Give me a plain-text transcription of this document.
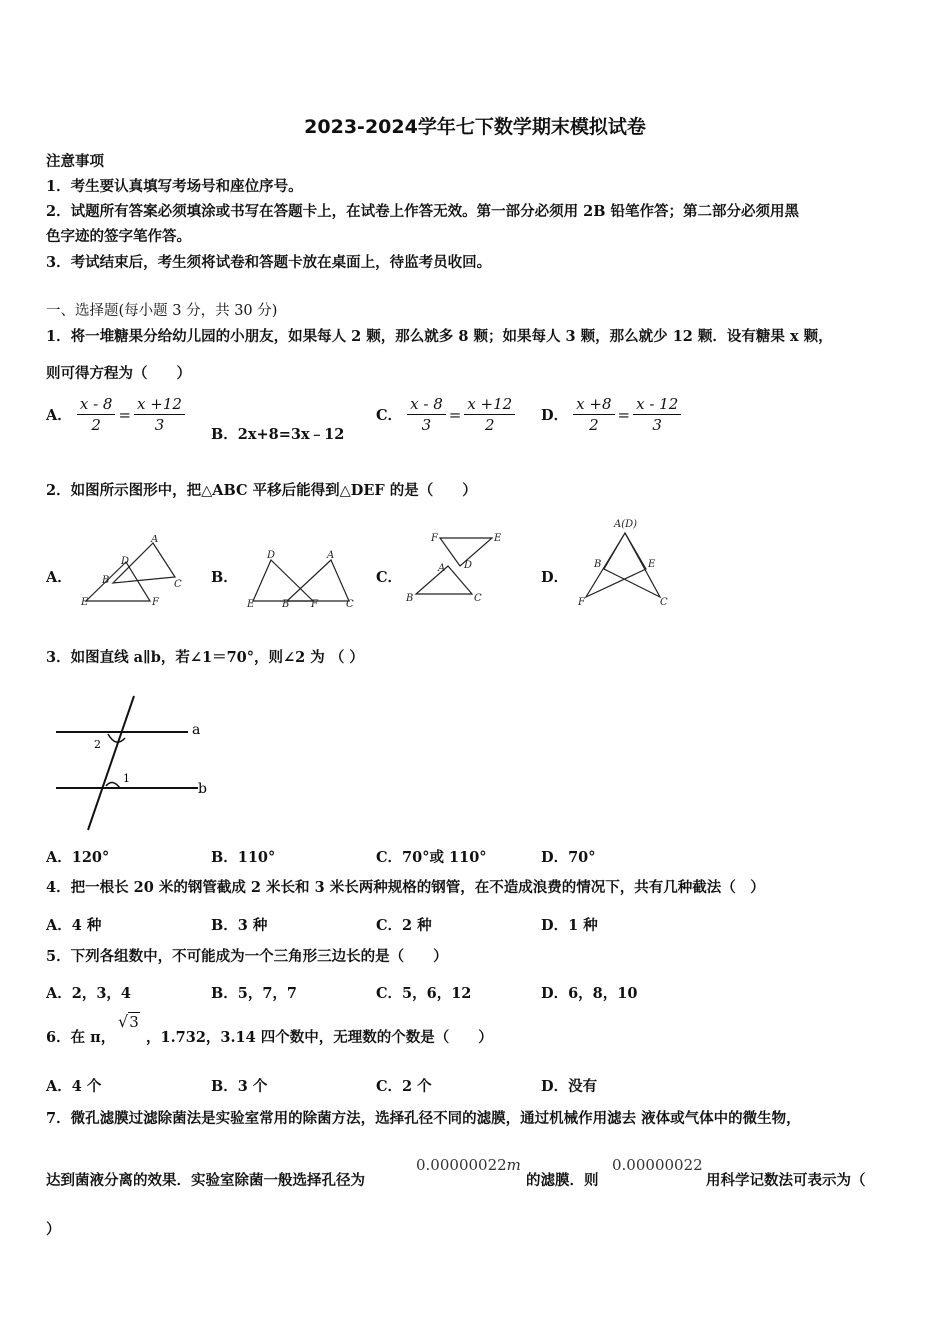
2023-2024学年七下数学期末模拟试卷
注意事项
1．考生要认真填写考场号和座位序号。
2．试题所有答案必须填涂或书写在答题卡上，在试卷上作答无效。第一部分必须用 2B 铅笔作答；第二部分必须用黑
色字迹的签字笔作答。
3．考试结束后，考生须将试卷和答题卡放在桌面上，待监考员收回。
一、选择题(每小题 3 分，共 30 分)
1．将一堆糖果分给幼儿园的小朋友，如果每人 2 颗，那么就多 8 颗；如果每人 3 颗，那么就少 12 颗．设有糖果 x 颗，
则可得方程为（　　）
A． $\frac{x - 8}{2} = \frac{x +12}{3}$
B．2x+8=3x﹣12
C． $\frac{x - 8}{3} = \frac{x +12}{2}$ D． $\frac{x +8}{2} = \frac{x - 12}{3}$
2．如图所示图形中，把△ABC 平移后能得到△DEF 的是（　　）
A．
A
B	C
D
E	F
B．
D	A
E	B F	C
C．
F	E
A D
B	C
D．
A(D)
B	E
F	C
3．如图直线 a∥b，若∠1＝70°，则∠2 为 （ ）
a
b
2
1
A．120°	B．110°	C．70°或 110°	D．70°
4．把一根长 20 米的钢管截成 2 米长和 3 米长两种规格的钢管，在不造成浪费的情况下，共有几种截法（　）
A．4 种	B．3 种	C．2 种	D．1 种
5．下列各组数中，不可能成为一个三角形三边长的是（　　）
A．2，3，4	B．5，7，7	C．5，6，12	D．6，8，10
6．在 π，
√3
，1.732，3.14 四个数中，无理数的个数是（　　）
A．4 个	B．3 个	C．2 个	D．没有
7．微孔滤膜过滤除菌法是实验室常用的除菌方法，选择孔径不同的滤膜，通过机械作用滤去 液体或气体中的微生物，
达到菌液分离的效果．实验室除菌一般选择孔径为
0.00000022m
的滤膜．则
0.00000022
用科学记数法可表示为（
）
